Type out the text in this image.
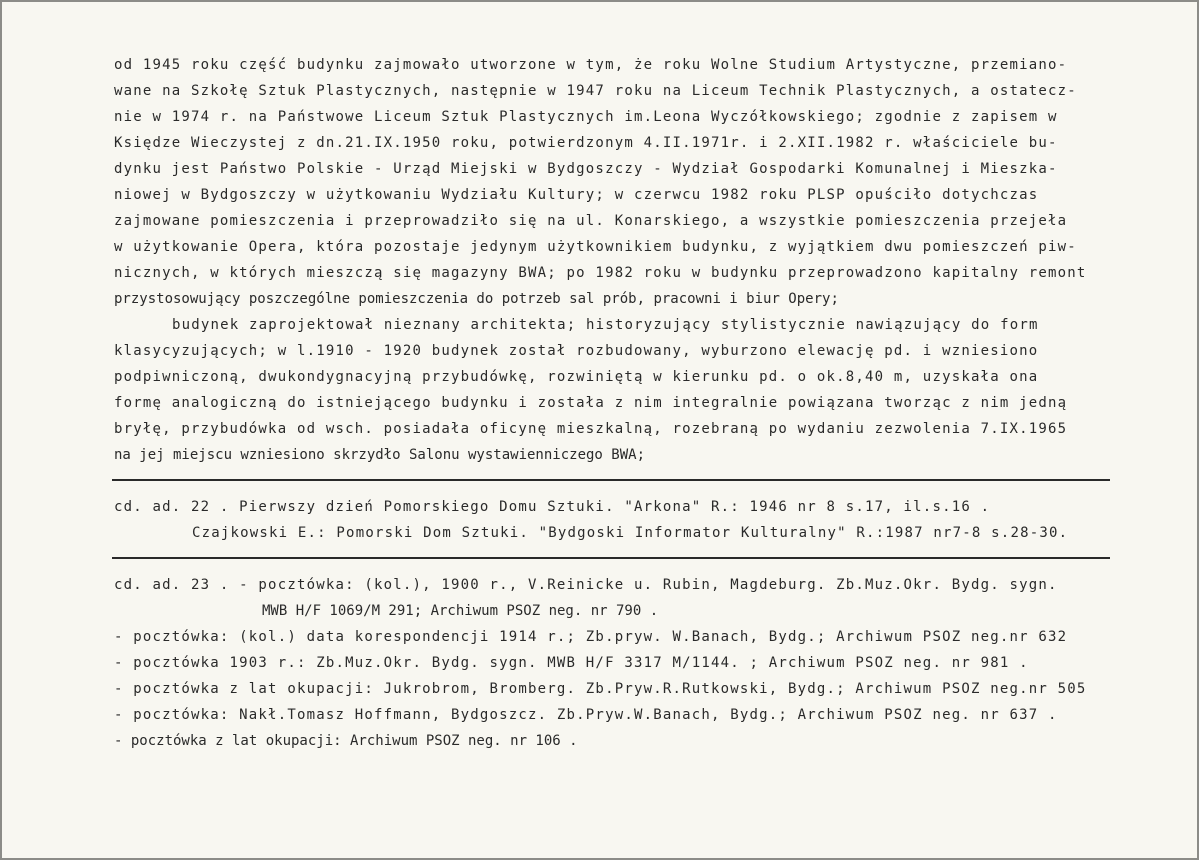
od 1945 roku część budynku zajmowało utworzone w tym, że roku Wolne Studium Artystyczne, przemiano-
wane na Szkołę Sztuk Plastycznych, następnie w 1947 roku na Liceum Technik Plastycznych, a ostatecz-
nie w 1974 r. na Państwowe Liceum Sztuk Plastycznych im.Leona Wyczółkowskiego; zgodnie z zapisem w
Księdze Wieczystej z dn.21.IX.1950 roku, potwierdzonym 4.II.1971r. i 2.XII.1982 r. właściciele bu-
dynku jest Państwo Polskie - Urząd Miejski w Bydgoszczy - Wydział Gospodarki Komunalnej i Mieszka-
niowej w Bydgoszczy w użytkowaniu Wydziału Kultury; w czerwcu 1982 roku PLSP opuściło dotychczas
zajmowane pomieszczenia i przeprowadziło się na ul. Konarskiego, a wszystkie pomieszczenia przejeła
w użytkowanie Opera, która pozostaje jedynym użytkownikiem budynku, z wyjątkiem dwu pomieszczeń piw-
nicznych, w których mieszczą się magazyny BWA; po 1982 roku w budynku przeprowadzono kapitalny remont
przystosowujący poszczególne pomieszczenia do potrzeb sal prób, pracowni i biur Opery;
budynek zaprojektował nieznany architekta; historyzujący stylistycznie nawiązujący do form
klasycyzujących; w l.1910 - 1920 budynek został rozbudowany, wyburzono elewację pd. i wzniesiono
podpiwniczoną, dwukondygnacyjną przybudówkę, rozwiniętą w kierunku pd. o ok.8,40 m, uzyskała ona
formę analogiczną do istniejącego budynku i została z nim integralnie powiązana tworząc z nim jedną
bryłę, przybudówka od wsch. posiadała oficynę mieszkalną, rozebraną po wydaniu zezwolenia 7.IX.1965
na jej miejscu wzniesiono skrzydło Salonu wystawienniczego BWA;
cd. ad. 22 . Pierwszy dzień Pomorskiego Domu Sztuki. "Arkona" R.: 1946 nr 8 s.17, il.s.16 .
Czajkowski E.: Pomorski Dom Sztuki. "Bydgoski Informator Kulturalny" R.:1987 nr7-8 s.28-30.
cd. ad. 23 . - pocztówka: (kol.), 1900 r., V.Reinicke u. Rubin, Magdeburg. Zb.Muz.Okr. Bydg. sygn.
MWB H/F 1069/M 291; Archiwum PSOZ neg. nr 790 .
- pocztówka: (kol.) data korespondencji 1914 r.; Zb.pryw. W.Banach, Bydg.; Archiwum PSOZ neg.nr 632
- pocztówka 1903 r.: Zb.Muz.Okr. Bydg. sygn. MWB H/F 3317 M/1144. ; Archiwum PSOZ neg. nr 981 .
- pocztówka z lat okupacji: Jukrobrom, Bromberg. Zb.Pryw.R.Rutkowski, Bydg.; Archiwum PSOZ neg.nr 505
- pocztówka: Nakł.Tomasz Hoffmann, Bydgoszcz. Zb.Pryw.W.Banach, Bydg.; Archiwum PSOZ neg. nr 637 .
- pocztówka z lat okupacji: Archiwum PSOZ neg. nr 106 .
